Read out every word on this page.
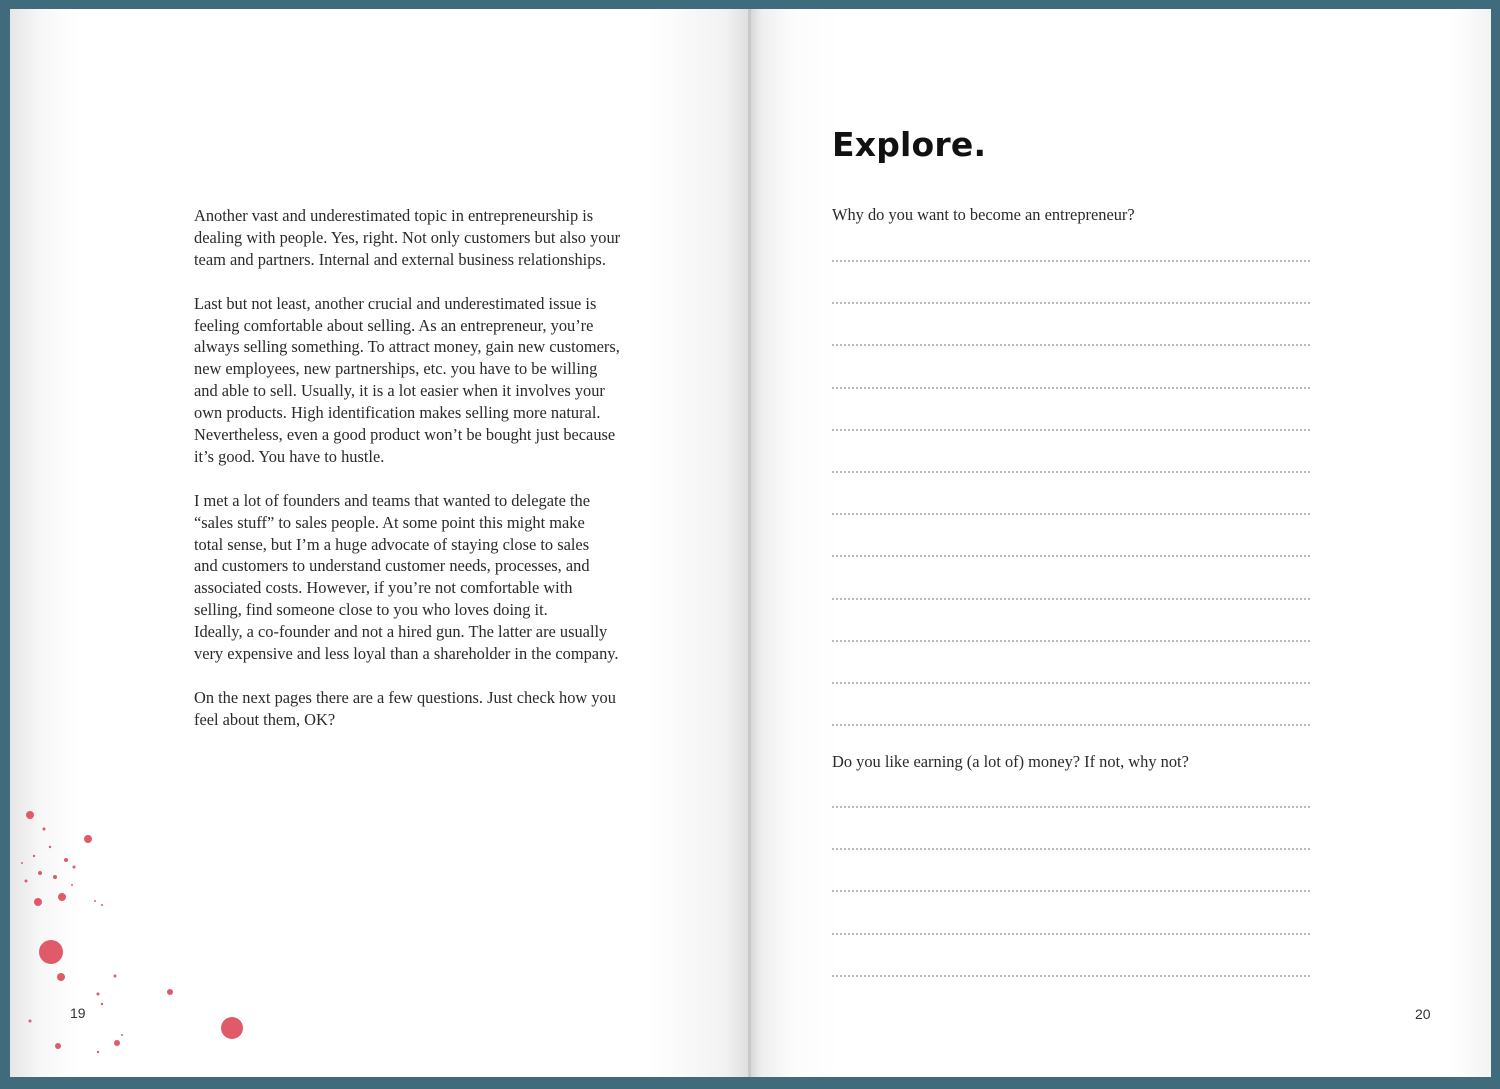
Another vast and underestimated topic in entrepreneurship is
dealing with people. Yes, right. Not only customers but also your
team and partners. Internal and external business relationships.

Last but not least, another crucial and underestimated issue is
feeling comfortable about selling. As an entrepreneur, you’re
always selling something. To attract money, gain new customers,
new employees, new partnerships, etc. you have to be willing
and able to sell. Usually, it is a lot easier when it involves your
own products. High identification makes selling more natural.
Nevertheless, even a good product won’t be bought just because
it’s good. You have to hustle.

I met a lot of founders and teams that wanted to delegate the
“sales stuff” to sales people. At some point this might make
total sense, but I’m a huge advocate of staying close to sales
and customers to understand customer needs, processes, and
associated costs. However, if you’re not comfortable with
selling, find someone close to you who loves doing it.
Ideally, a co-founder and not a hired gun. The latter are usually
very expensive and less loyal than a shareholder in the company.

On the next pages there are a few questions. Just check how you
feel about them, OK?

19
Explore.

Why do you want to become an entrepreneur?

Do you like earning (a lot of) money? If not, why not?

20
